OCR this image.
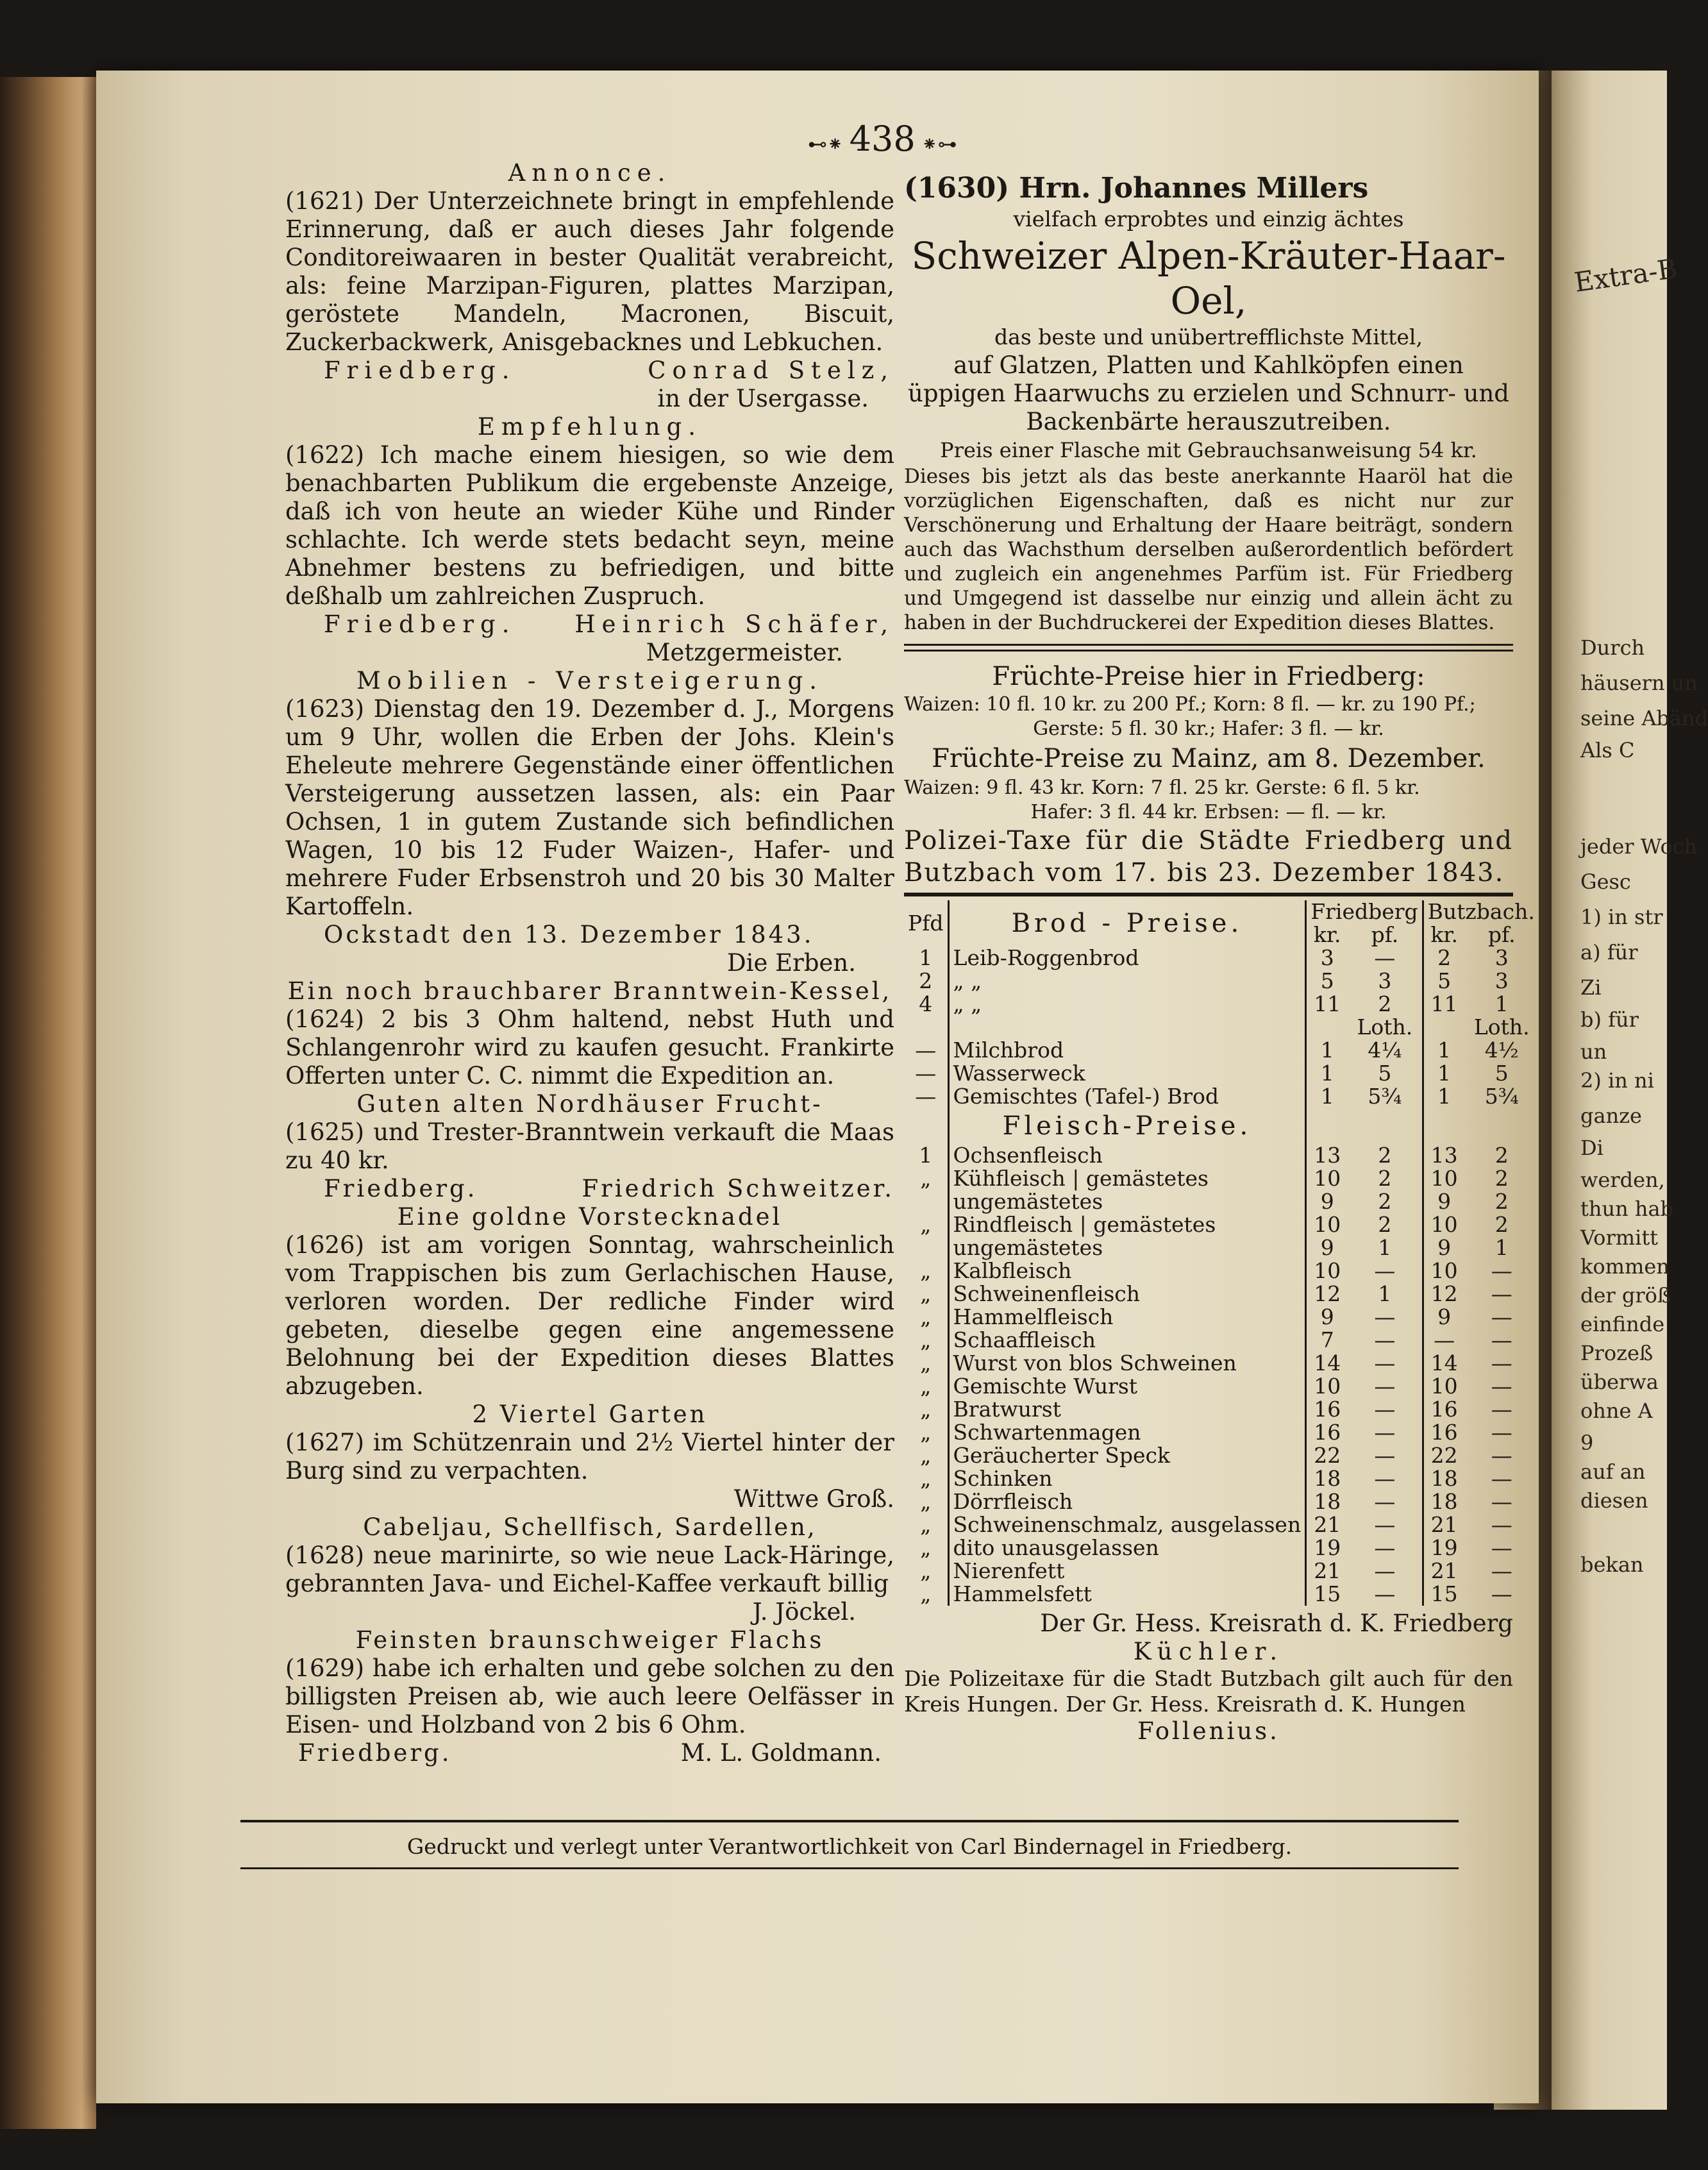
⊷⁕ 438 ⁕⊶

Annonce.

(1621) Der Unterzeichnete bringt in empfehlende Erinnerung, daß er auch dieses Jahr folgende Conditoreiwaaren in bester Qualität verabreicht, als: feine Marzipan-Figuren, plattes Marzipan, geröstete Mandeln, Macronen, Biscuit, Zuckerbackwerk, Anisgebacknes und Lebkuchen.

Friedberg.	Conrad Stelz,

in der Usergasse.

Empfehlung.

(1622) Ich mache einem hiesigen, so wie dem benachbarten Publikum die ergebenste Anzeige, daß ich von heute an wieder Kühe und Rinder schlachte. Ich werde stets bedacht seyn, meine Abnehmer bestens zu befriedigen, und bitte deßhalb um zahlreichen Zuspruch.

Friedberg. Heinrich Schäfer,

Metzgermeister.

Mobilien - Versteigerung.

(1623) Dienstag den 19. Dezember d. J., Morgens um 9 Uhr, wollen die Erben der Johs. Klein's Eheleute mehrere Gegenstände einer öffentlichen Versteigerung aussetzen lassen, als: ein Paar Ochsen, 1 in gutem Zustande sich befindlichen Wagen, 10 bis 12 Fuder Waizen-, Hafer- und mehrere Fuder Erbsenstroh und 20 bis 30 Malter Kartoffeln.

Ockstadt den 13. Dezember 1843.

Die Erben.

Ein noch brauchbarer Branntwein-Kessel,

(1624) 2 bis 3 Ohm haltend, nebst Huth und Schlangenrohr wird zu kaufen gesucht. Frankirte Offerten unter C. C. nimmt die Expedition an.

Guten alten Nordhäuser Frucht-

(1625) und Trester-Branntwein verkauft die Maas zu 40 kr.

Friedberg.	Friedrich Schweitzer.

Eine goldne Vorstecknadel

(1626) ist am vorigen Sonntag, wahrscheinlich vom Trappischen bis zum Gerlachischen Hause, verloren worden. Der redliche Finder wird gebeten, dieselbe gegen eine angemessene Belohnung bei der Expedition dieses Blattes abzugeben.

2 Viertel Garten

(1627) im Schützenrain und 2½ Viertel hinter der Burg sind zu verpachten.

Wittwe Groß.

Cabeljau, Schellfisch, Sardellen,

(1628) neue marinirte, so wie neue Lack-Häringe, gebrannten Java- und Eichel-Kaffee verkauft billig

J. Jöckel.

Feinsten braunschweiger Flachs

(1629) habe ich erhalten und gebe solchen zu den billigsten Preisen ab, wie auch leere Oelfässer in Eisen- und Holzband von 2 bis 6 Ohm.

Friedberg.	M. L. Goldmann.

(1630) Hrn. Johannes Millers

vielfach erprobtes und einzig ächtes

Schweizer Alpen-Kräuter-Haar-Oel,

das beste und unübertrefflichste Mittel,

auf Glatzen, Platten und Kahlköpfen einen üppigen Haarwuchs zu erzielen und Schnurr- und Backenbärte herauszutreiben.

Preis einer Flasche mit Gebrauchsanweisung 54 kr.

Dieses bis jetzt als das beste anerkannte Haaröl hat die vorzüglichen Eigenschaften, daß es nicht nur zur Verschönerung und Erhaltung der Haare beiträgt, sondern auch das Wachsthum derselben außerordentlich befördert und zugleich ein angenehmes Parfüm ist. Für Friedberg und Umgegend ist dasselbe nur einzig und allein ächt zu haben in der Buchdruckerei der Expedition dieses Blattes.

Früchte-Preise hier in Friedberg:

Waizen: 10 fl. 10 kr. zu 200 Pf.; Korn: 8 fl. — kr. zu 190 Pf.;

Gerste: 5 fl. 30 kr.; Hafer: 3 fl. — kr.

Früchte-Preise zu Mainz, am 8. Dezember.

Waizen: 9 fl. 43 kr. Korn: 7 fl. 25 kr. Gerste: 6 fl. 5 kr.

Hafer: 3 fl. 44 kr. Erbsen: — fl. — kr.

Polizei-Taxe für die Städte Friedberg und Butzbach vom 17. bis 23. Dezember 1843.

Pfd	Brod - Preise.	Friedberg		Butzbach.	
		kr.	pf.	kr.	pf.
1	Leib-Roggenbrod	3	—	2	3
2	„ „	5	3	5	3
4	„ „	11	2	11	1
			Loth.		Loth.
—	Milchbrod	1	4¼	1	4½
—	Wasserweck	1	5	1	5
—	Gemischtes (Tafel-) Brod	1	5¾	1	5¾
	Fleisch-Preise.				
1	Ochsenfleisch	13	2	13	2
„	Kühfleisch | gemästetes	10	2	10	2
	ungemästetes	9	2	9	2
„	Rindfleisch | gemästetes	10	2	10	2
	ungemästetes	9	1	9	1
„	Kalbfleisch	10	—	10	—
„	Schweinenfleisch	12	1	12	—
„	Hammelfleisch	9	—	9	—
„	Schaaffleisch	7	—	—	—
„	Wurst von blos Schweinen	14	—	14	—
„	Gemischte Wurst	10	—	10	—
„	Bratwurst	16	—	16	—
„	Schwartenmagen	16	—	16	—
„	Geräucherter Speck	22	—	22	—
„	Schinken	18	—	18	—
„	Dörrfleisch	18	—	18	—
„	Schweinenschmalz, ausgelassen	21	—	21	—
„	dito unausgelassen	19	—	19	—
„	Nierenfett	21	—	21	—
„	Hammelsfett	15	—	15	—

Der Gr. Hess. Kreisrath d. K. Friedberg

Küchler.

Die Polizeitaxe für die Stadt Butzbach gilt auch für den Kreis Hungen. Der Gr. Hess. Kreisrath d. K. Hungen

Follenius.

Gedruckt und verlegt unter Verantwortlichkeit von Carl Bindernagel in Friedberg.
Extra-B
Durch
häusern un
seine Abänd
Als C
jeder Woch
Gesc
1) in str
a) für
Zi
b) für
un
2) in ni
ganze
Di
werden,
thun hab
Vormitt
kommen
der größ
einfinde
Prozeß
überwa
ohne A
9
auf an
diesen
bekan
